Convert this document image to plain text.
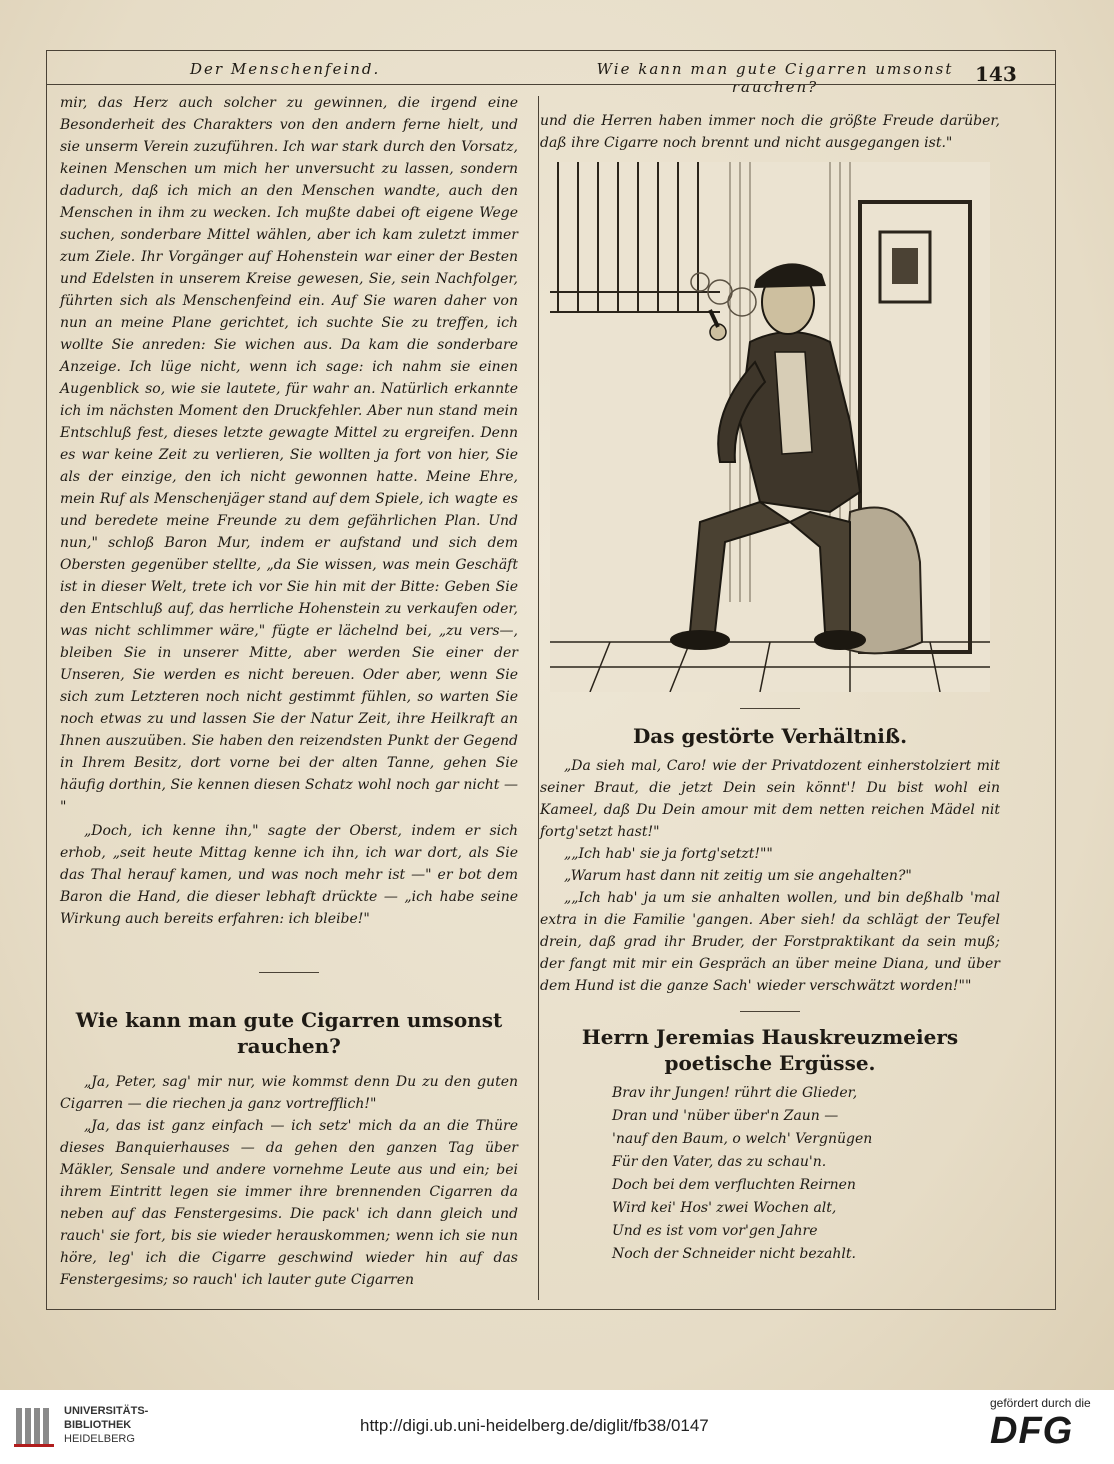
Der Menschenfeind.	Wie kann man gute Cigarren umsonst rauchen?
143

mir, das Herz auch solcher zu gewinnen, die irgend eine Besonderheit des Charakters von den andern ferne hielt, und sie unserm Verein zuzuführen. Ich war stark durch den Vorsatz, keinen Menschen um mich her unversucht zu lassen, sondern dadurch, daß ich mich an den Menschen wandte, auch den Menschen in ihm zu wecken. Ich mußte dabei oft eigene Wege suchen, sonderbare Mittel wählen, aber ich kam zuletzt immer zum Ziele. Ihr Vorgänger auf Hohenstein war einer der Besten und Edelsten in unserem Kreise gewesen, Sie, sein Nachfolger, führten sich als Menschenfeind ein. Auf Sie waren daher von nun an meine Plane gerichtet, ich suchte Sie zu treffen, ich wollte Sie anreden: Sie wichen aus. Da kam die sonderbare Anzeige. Ich lüge nicht, wenn ich sage: ich nahm sie einen Augenblick so, wie sie lautete, für wahr an. Natürlich erkannte ich im nächsten Moment den Druckfehler. Aber nun stand mein Entschluß fest, dieses letzte gewagte Mittel zu ergreifen. Denn es war keine Zeit zu verlieren, Sie wollten ja fort von hier, Sie als der einzige, den ich nicht gewonnen hatte. Meine Ehre, mein Ruf als Menschenjäger stand auf dem Spiele, ich wagte es und beredete meine Freunde zu dem gefährlichen Plan. Und nun," schloß Baron Mur, indem er aufstand und sich dem Obersten gegenüber stellte, „da Sie wissen, was mein Geschäft ist in dieser Welt, trete ich vor Sie hin mit der Bitte: Geben Sie den Entschluß auf, das herrliche Hohenstein zu verkaufen oder, was nicht schlimmer wäre," fügte er lächelnd bei, „zu vers—, bleiben Sie in unserer Mitte, aber werden Sie einer der Unseren, Sie werden es nicht bereuen. Oder aber, wenn Sie sich zum Letzteren noch nicht gestimmt fühlen, so warten Sie noch etwas zu und lassen Sie der Natur Zeit, ihre Heilkraft an Ihnen auszuüben. Sie haben den reizendsten Punkt der Gegend in Ihrem Besitz, dort vorne bei der alten Tanne, gehen Sie häufig dorthin, Sie kennen diesen Schatz wohl noch gar nicht — "

„Doch, ich kenne ihn," sagte der Oberst, indem er sich erhob, „seit heute Mittag kenne ich ihn, ich war dort, als Sie das Thal herauf kamen, und was noch mehr ist —" er bot dem Baron die Hand, die dieser lebhaft drückte — „ich habe seine Wirkung auch bereits erfahren: ich bleibe!"

Wie kann man gute Cigarren umsonst rauchen?

„Ja, Peter, sag' mir nur, wie kommst denn Du zu den guten Cigarren — die riechen ja ganz vortrefflich!"

„Ja, das ist ganz einfach — ich setz' mich da an die Thüre dieses Banquierhauses — da gehen den ganzen Tag über Mäkler, Sensale und andere vornehme Leute aus und ein; bei ihrem Eintritt legen sie immer ihre brennenden Cigarren da neben auf das Fenstergesims. Die pack' ich dann gleich und rauch' sie fort, bis sie wieder herauskommen; wenn ich sie nun höre, leg' ich die Cigarre geschwind wieder hin auf das Fenstergesims; so rauch' ich lauter gute Cigarren

und die Herren haben immer noch die größte Freude darüber, daß ihre Cigarre noch brennt und nicht ausgegangen ist."

Das gestörte Verhältniß.

„Da sieh mal, Caro! wie der Privatdozent einherstolziert mit seiner Braut, die jetzt Dein sein könnt'! Du bist wohl ein Kameel, daß Du Dein amour mit dem netten reichen Mädel nit fortg'setzt hast!"

„„Ich hab' sie ja fortg'setzt!""

„Warum hast dann nit zeitig um sie angehalten?"

„„Ich hab' ja um sie anhalten wollen, und bin deßhalb 'mal extra in die Familie 'gangen. Aber sieh! da schlägt der Teufel drein, daß grad ihr Bruder, der Forstpraktikant da sein muß; der fangt mit mir ein Gespräch an über meine Diana, und über dem Hund ist die ganze Sach' wieder verschwätzt worden!""

Herrn Jeremias Hauskreuzmeiers poetische Ergüsse.
Brav ihr Jungen! rührt die Glieder,
Dran und 'nüber über'n Zaun —
'nauf den Baum, o welch' Vergnügen
Für den Vater, das zu schau'n.
Doch bei dem verfluchten Reirnen
Wird kei' Hos' zwei Wochen alt,
Und es ist vom vor'gen Jahre
Noch der Schneider nicht bezahlt.
UNIVERSITÄTS-
BIBLIOTHEK
HEIDELBERG
http://digi.ub.uni-heidelberg.de/diglit/fb38/0147
gefördert durch die
DFG
